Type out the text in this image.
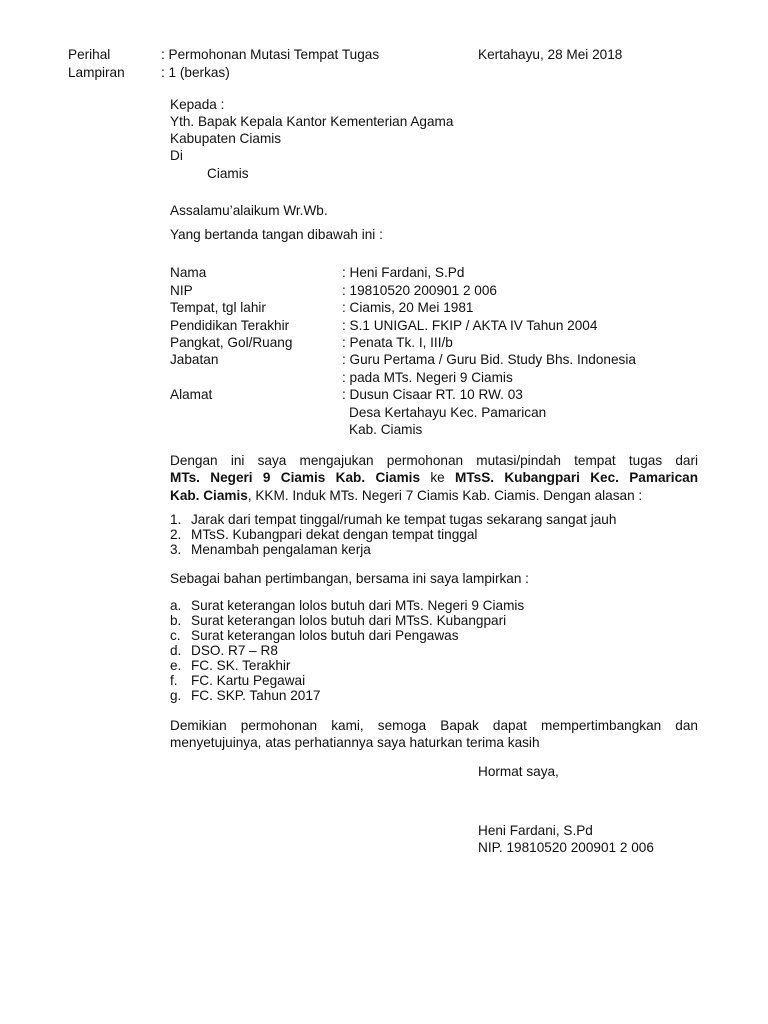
Perihal	: Permohonan Mutasi Tempat Tugas	Kertahayu, 28 Mei 2018
Lampiran	: 1 (berkas)
Kepada :
Yth. Bapak Kepala Kantor Kementerian Agama
Kabupaten Ciamis
Di
Ciamis
Assalamu’alaikum Wr.Wb.
Yang bertanda tangan dibawah ini :
Nama	: Heni Fardani, S.Pd
NIP	: 19810520 200901 2 006
Tempat, tgl lahir	: Ciamis, 20 Mei 1981
Pendidikan Terakhir	: S.1 UNIGAL. FKIP / AKTA IV Tahun 2004
Pangkat, Gol/Ruang	: Penata Tk. I, III/b
Jabatan	: Guru Pertama / Guru Bid. Study Bhs. Indonesia
: pada MTs. Negeri 9 Ciamis
Alamat	: Dusun Cisaar RT. 10 RW. 03
Desa Kertahayu Kec. Pamarican
Kab. Ciamis
Dengan ini saya mengajukan permohonan mutasi/pindah tempat tugas dari
MTs. Negeri 9 Ciamis Kab. Ciamis ke MTsS. Kubangpari Kec. Pamarican
Kab. Ciamis, KKM. Induk MTs. Negeri 7 Ciamis Kab. Ciamis. Dengan alasan :
1. Jarak dari tempat tinggal/rumah ke tempat tugas sekarang sangat jauh
2. MTsS. Kubangpari dekat dengan tempat tinggal
3. Menambah pengalaman kerja
Sebagai bahan pertimbangan, bersama ini saya lampirkan :
a. Surat keterangan lolos butuh dari MTs. Negeri 9 Ciamis
b. Surat keterangan lolos butuh dari MTsS. Kubangpari
c. Surat keterangan lolos butuh dari Pengawas
d. DSO. R7 – R8
e. FC. SK. Terakhir
f. FC. Kartu Pegawai
g. FC. SKP. Tahun 2017
Demikian permohonan kami, semoga Bapak dapat mempertimbangkan dan
menyetujuinya, atas perhatiannya saya haturkan terima kasih
Hormat saya,
Heni Fardani, S.Pd
NIP. 19810520 200901 2 006
